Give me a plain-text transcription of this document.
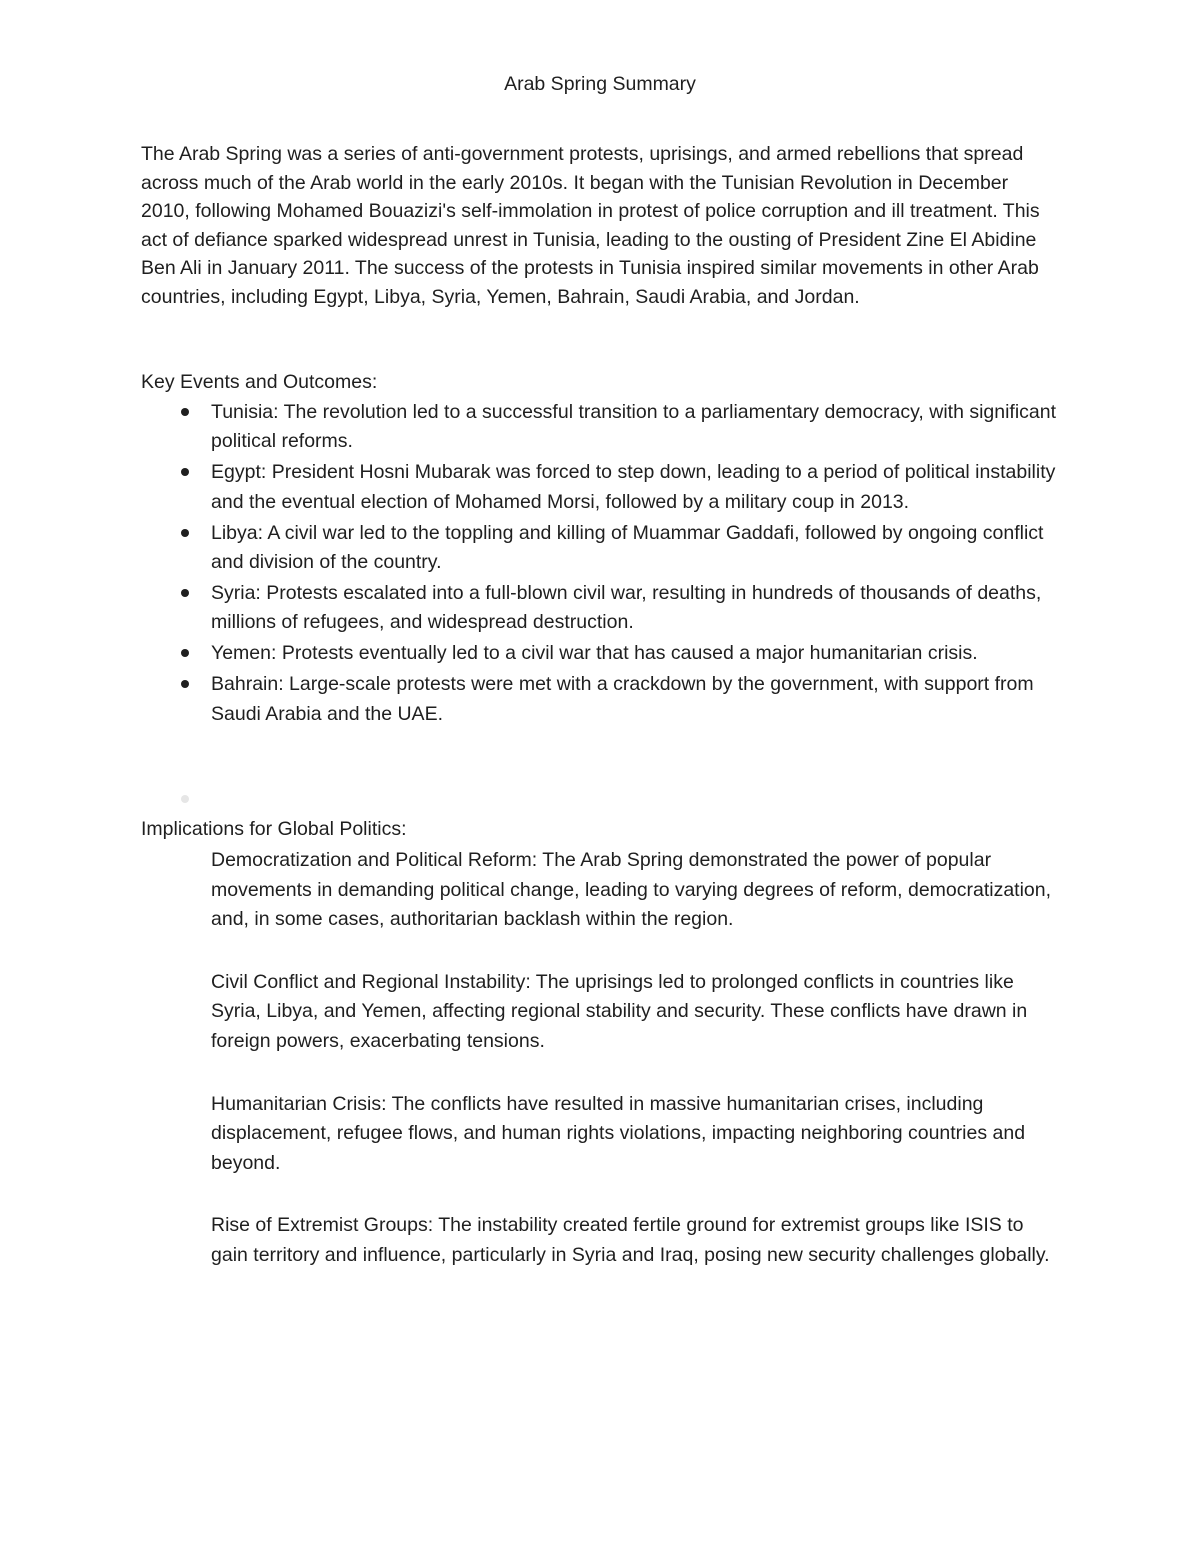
Arab Spring Summary

The Arab Spring was a series of anti-government protests, uprisings, and armed rebellions that spread across much of the Arab world in the early 2010s. It began with the Tunisian Revolution in December 2010, following Mohamed Bouazizi's self-immolation in protest of police corruption and ill treatment. This act of defiance sparked widespread unrest in Tunisia, leading to the ousting of President Zine El Abidine Ben Ali in January 2011. The success of the protests in Tunisia inspired similar movements in other Arab countries, including Egypt, Libya, Syria, Yemen, Bahrain, Saudi Arabia, and Jordan.

Key Events and Outcomes:
Tunisia: The revolution led to a successful transition to a parliamentary democracy, with significant political reforms.
Egypt: President Hosni Mubarak was forced to step down, leading to a period of political instability and the eventual election of Mohamed Morsi, followed by a military coup in 2013.
Libya: A civil war led to the toppling and killing of Muammar Gaddafi, followed by ongoing conflict and division of the country.
Syria: Protests escalated into a full-blown civil war, resulting in hundreds of thousands of deaths, millions of refugees, and widespread destruction.
Yemen: Protests eventually led to a civil war that has caused a major humanitarian crisis.
Bahrain: Large-scale protests were met with a crackdown by the government, with support from Saudi Arabia and the UAE.
Implications for Global Politics:

Democratization and Political Reform: The Arab Spring demonstrated the power of popular movements in demanding political change, leading to varying degrees of reform, democratization, and, in some cases, authoritarian backlash within the region.

Civil Conflict and Regional Instability: The uprisings led to prolonged conflicts in countries like Syria, Libya, and Yemen, affecting regional stability and security. These conflicts have drawn in foreign powers, exacerbating tensions.

Humanitarian Crisis: The conflicts have resulted in massive humanitarian crises, including displacement, refugee flows, and human rights violations, impacting neighboring countries and beyond.

Rise of Extremist Groups: The instability created fertile ground for extremist groups like ISIS to gain territory and influence, particularly in Syria and Iraq, posing new security challenges globally.
